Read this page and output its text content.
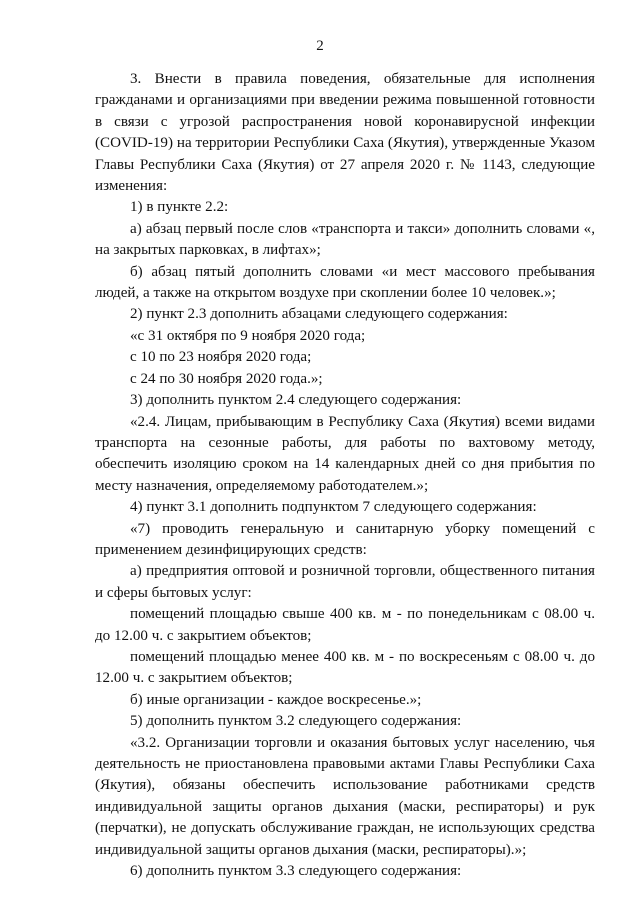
2

3. Внести в правила поведения, обязательные для исполнения гражданами и организациями при введении режима повышенной готовности в связи с угрозой распространения новой коронавирусной инфекции (COVID-19) на территории Республики Саха (Якутия), утвержденные Указом Главы Республики Саха (Якутия) от 27 апреля 2020 г. № 1143, следующие изменения:

1) в пункте 2.2:

а) абзац первый после слов «транспорта и такси» дополнить словами «, на закрытых парковках, в лифтах»;

б) абзац пятый дополнить словами «и мест массового пребывания людей, а также на открытом воздухе при скоплении более 10 человек.»;

2) пункт 2.3 дополнить абзацами следующего содержания:

«с 31 октября по 9 ноября 2020 года;

с 10 по 23 ноября 2020 года;

с 24 по 30 ноября 2020 года.»;

3) дополнить пунктом 2.4 следующего содержания:

«2.4. Лицам, прибывающим в Республику Саха (Якутия) всеми видами транспорта на сезонные работы, для работы по вахтовому методу, обеспечить изоляцию сроком на 14 календарных дней со дня прибытия по месту назначения, определяемому работодателем.»;

4) пункт 3.1 дополнить подпунктом 7 следующего содержания:

«7) проводить генеральную и санитарную уборку помещений с применением дезинфицирующих средств:

а) предприятия оптовой и розничной торговли, общественного питания и сферы бытовых услуг:

помещений площадью свыше 400 кв. м - по понедельникам с 08.00 ч. до 12.00 ч. с закрытием объектов;

помещений площадью менее 400 кв. м - по воскресеньям с 08.00 ч. до 12.00 ч. с закрытием объектов;

б) иные организации - каждое воскресенье.»;

5) дополнить пунктом 3.2 следующего содержания:

«3.2. Организации торговли и оказания бытовых услуг населению, чья деятельность не приостановлена правовыми актами Главы Республики Саха (Якутия), обязаны обеспечить использование работниками средств индивидуальной защиты органов дыхания (маски, респираторы) и рук (перчатки), не допускать обслуживание граждан, не использующих средства индивидуальной защиты органов дыхания (маски, респираторы).»;

6) дополнить пунктом 3.3 следующего содержания:
